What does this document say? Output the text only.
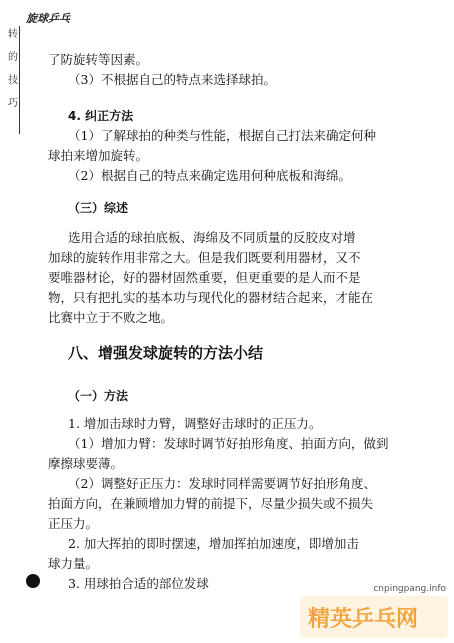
旋球乒乓
转
的
技
巧

了防旋转等因素。

（3）不根据自己的特点来选择球拍。

4. 纠正方法

（1）了解球拍的种类与性能，根据自己打法来确定何种

球拍来增加旋转。

（2）根据自己的特点来确定选用何种底板和海绵。

（三）综述

选用合适的球拍底板、海绵及不同质量的反胶皮对增

加球的旋转作用非常之大。但是我们既要利用器材，又不

要唯器材论，好的器材固然重要，但更重要的是人而不是

物，只有把扎实的基本功与现代化的器材结合起来，才能在

比赛中立于不败之地。

八、增强发球旋转的方法小结

（一）方法

1. 增加击球时力臂，调整好击球时的正压力。

（1）增加力臂：发球时调节好拍形角度、拍面方向，做到

摩擦球要薄。

（2）调整好正压力：发球时同样需要调节好拍形角度、

拍面方向，在兼顾增加力臂的前提下，尽量少损失或不损失

正压力。

2. 加大挥拍的即时摆速，增加挥拍加速度，即增加击

球力量。

3. 用球拍合适的部位发球	cnpingpang.info
精英乒乓网
